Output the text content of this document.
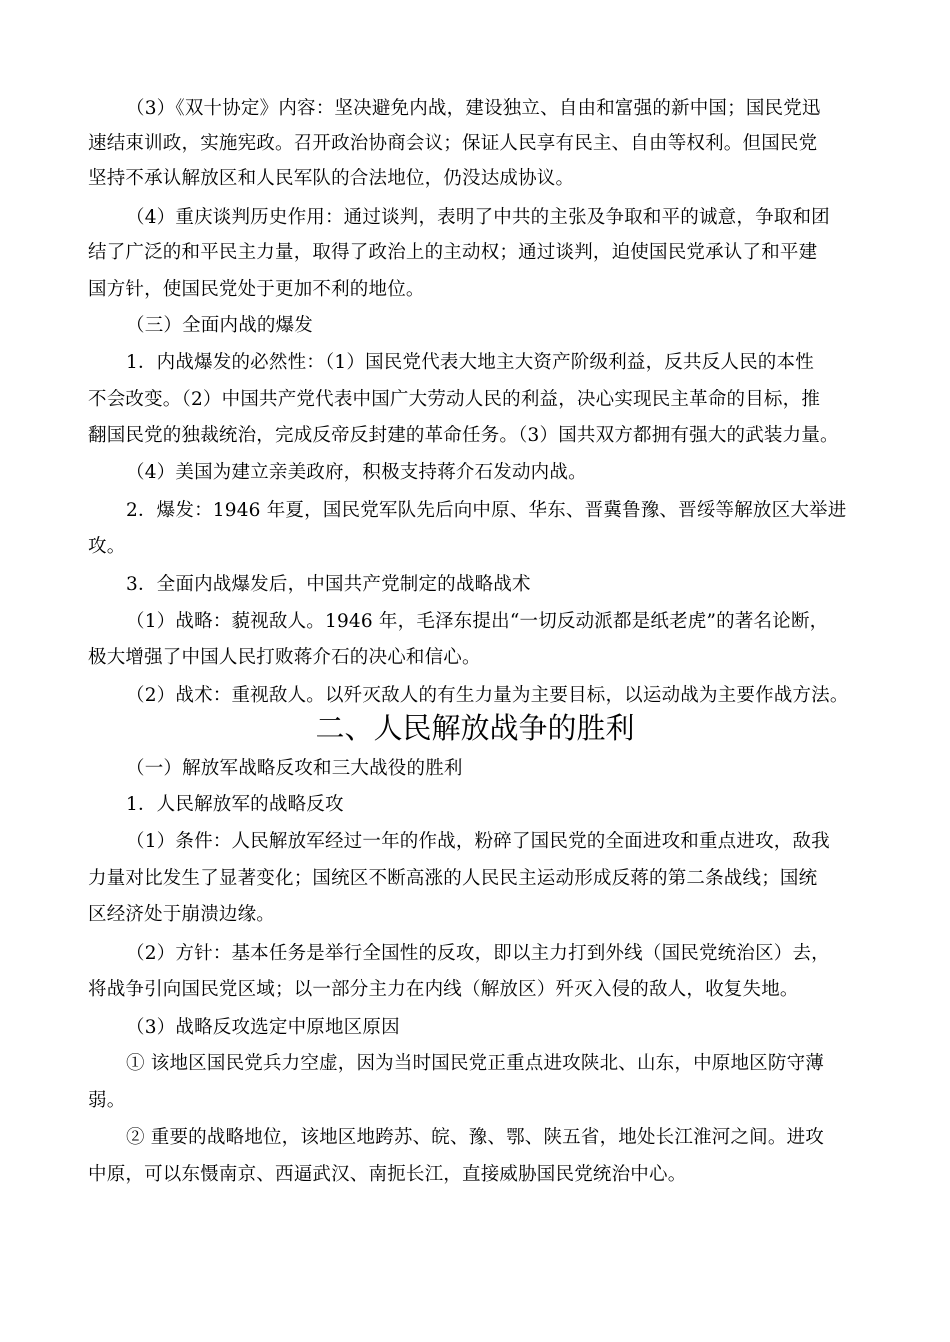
（3）《双十协定》内容：坚决避免内战，建设独立、自由和富强的新中国；国民党迅
速结束训政，实施宪政。召开政治协商会议；保证人民享有民主、自由等权利。但国民党
坚持不承认解放区和人民军队的合法地位，仍没达成协议。
（4）重庆谈判历史作用：通过谈判，表明了中共的主张及争取和平的诚意，争取和团
结了广泛的和平民主力量，取得了政治上的主动权；通过谈判，迫使国民党承认了和平建
国方针，使国民党处于更加不利的地位。
（三）全面内战的爆发
1．内战爆发的必然性：（1）国民党代表大地主大资产阶级利益，反共反人民的本性
不会改变。（2）中国共产党代表中国广大劳动人民的利益，决心实现民主革命的目标，推
翻国民党的独裁统治，完成反帝反封建的革命任务。（3）国共双方都拥有强大的武装力量。
（4）美国为建立亲美政府，积极支持蒋介石发动内战。
2．爆发：1946 年夏，国民党军队先后向中原、华东、晋冀鲁豫、晋绥等解放区大举进
攻。
3．全面内战爆发后，中国共产党制定的战略战术
（1）战略：藐视敌人。1946 年，毛泽东提出“一切反动派都是纸老虎”的著名论断，
极大增强了中国人民打败蒋介石的决心和信心。
（2）战术：重视敌人。以歼灭敌人的有生力量为主要目标，以运动战为主要作战方法。
二、人民解放战争的胜利
（一）解放军战略反攻和三大战役的胜利
1．人民解放军的战略反攻
（1）条件：人民解放军经过一年的作战，粉碎了国民党的全面进攻和重点进攻，敌我
力量对比发生了显著变化；国统区不断高涨的人民民主运动形成反蒋的第二条战线；国统
区经济处于崩溃边缘。
（2）方针：基本任务是举行全国性的反攻，即以主力打到外线（国民党统治区）去，
将战争引向国民党区域；以一部分主力在内线（解放区）歼灭入侵的敌人，收复失地。
（3）战略反攻选定中原地区原因
① 该地区国民党兵力空虚，因为当时国民党正重点进攻陕北、山东，中原地区防守薄
弱。
② 重要的战略地位，该地区地跨苏、皖、豫、鄂、陕五省，地处长江淮河之间。进攻
中原，可以东慑南京、西逼武汉、南扼长江，直接威胁国民党统治中心。
